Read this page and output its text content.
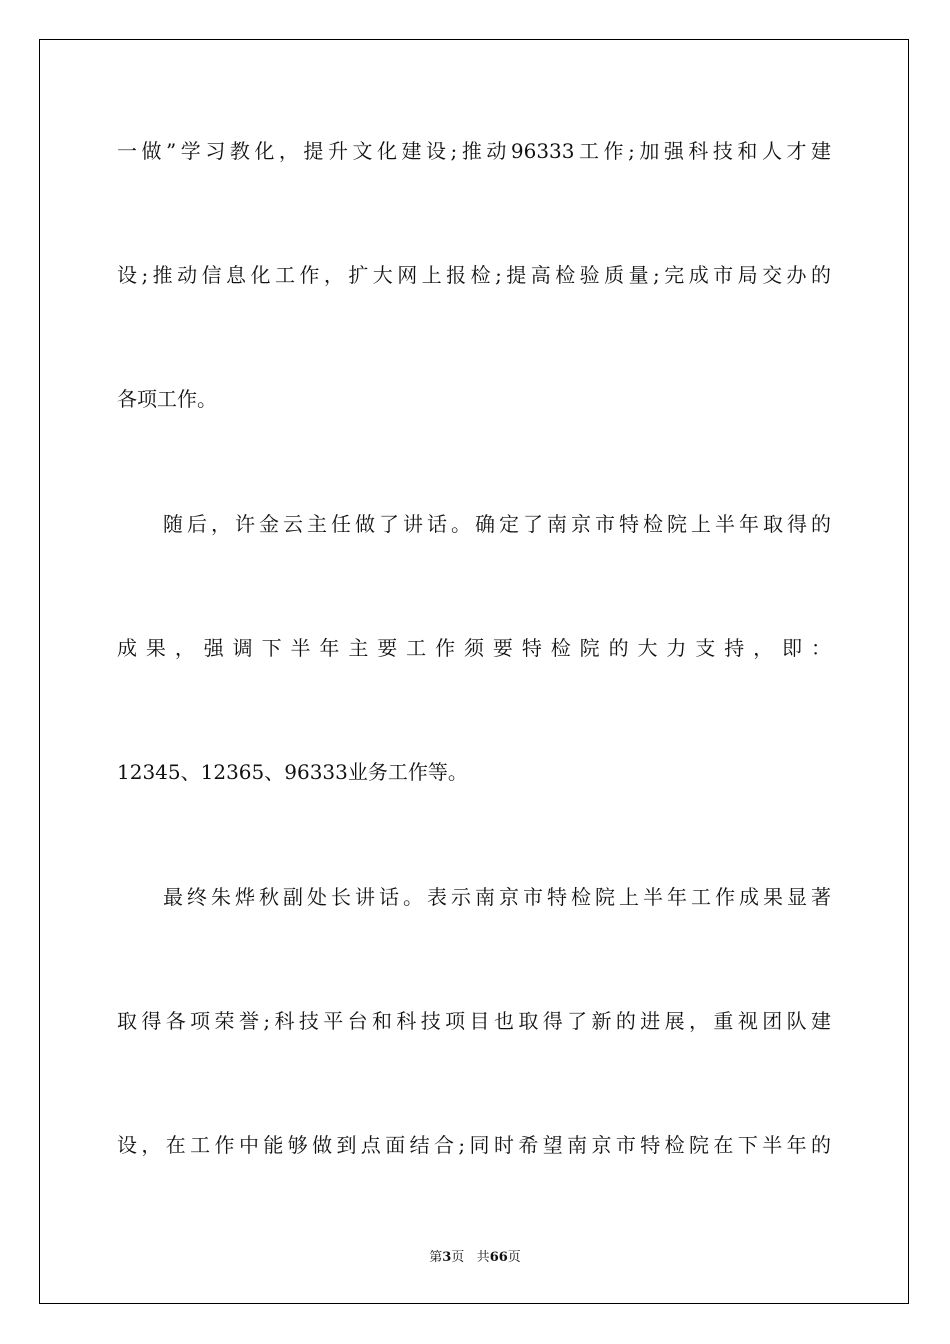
一做”学习教化，提升文化建设;推动96333工作;加强科技和人才建

设;推动信息化工作，扩大网上报检;提高检验质量;完成市局交办的

各项工作。

随后，许金云主任做了讲话。确定了南京市特检院上半年取得的

成果，强调下半年主要工作须要特检院的大力支持，即：

12345、12365、96333业务工作等。

最终朱烨秋副处长讲话。表示南京市特检院上半年工作成果显著

取得各项荣誉;科技平台和科技项目也取得了新的进展，重视团队建

设，在工作中能够做到点面结合;同时希望南京市特检院在下半年的

第3页 共66页
